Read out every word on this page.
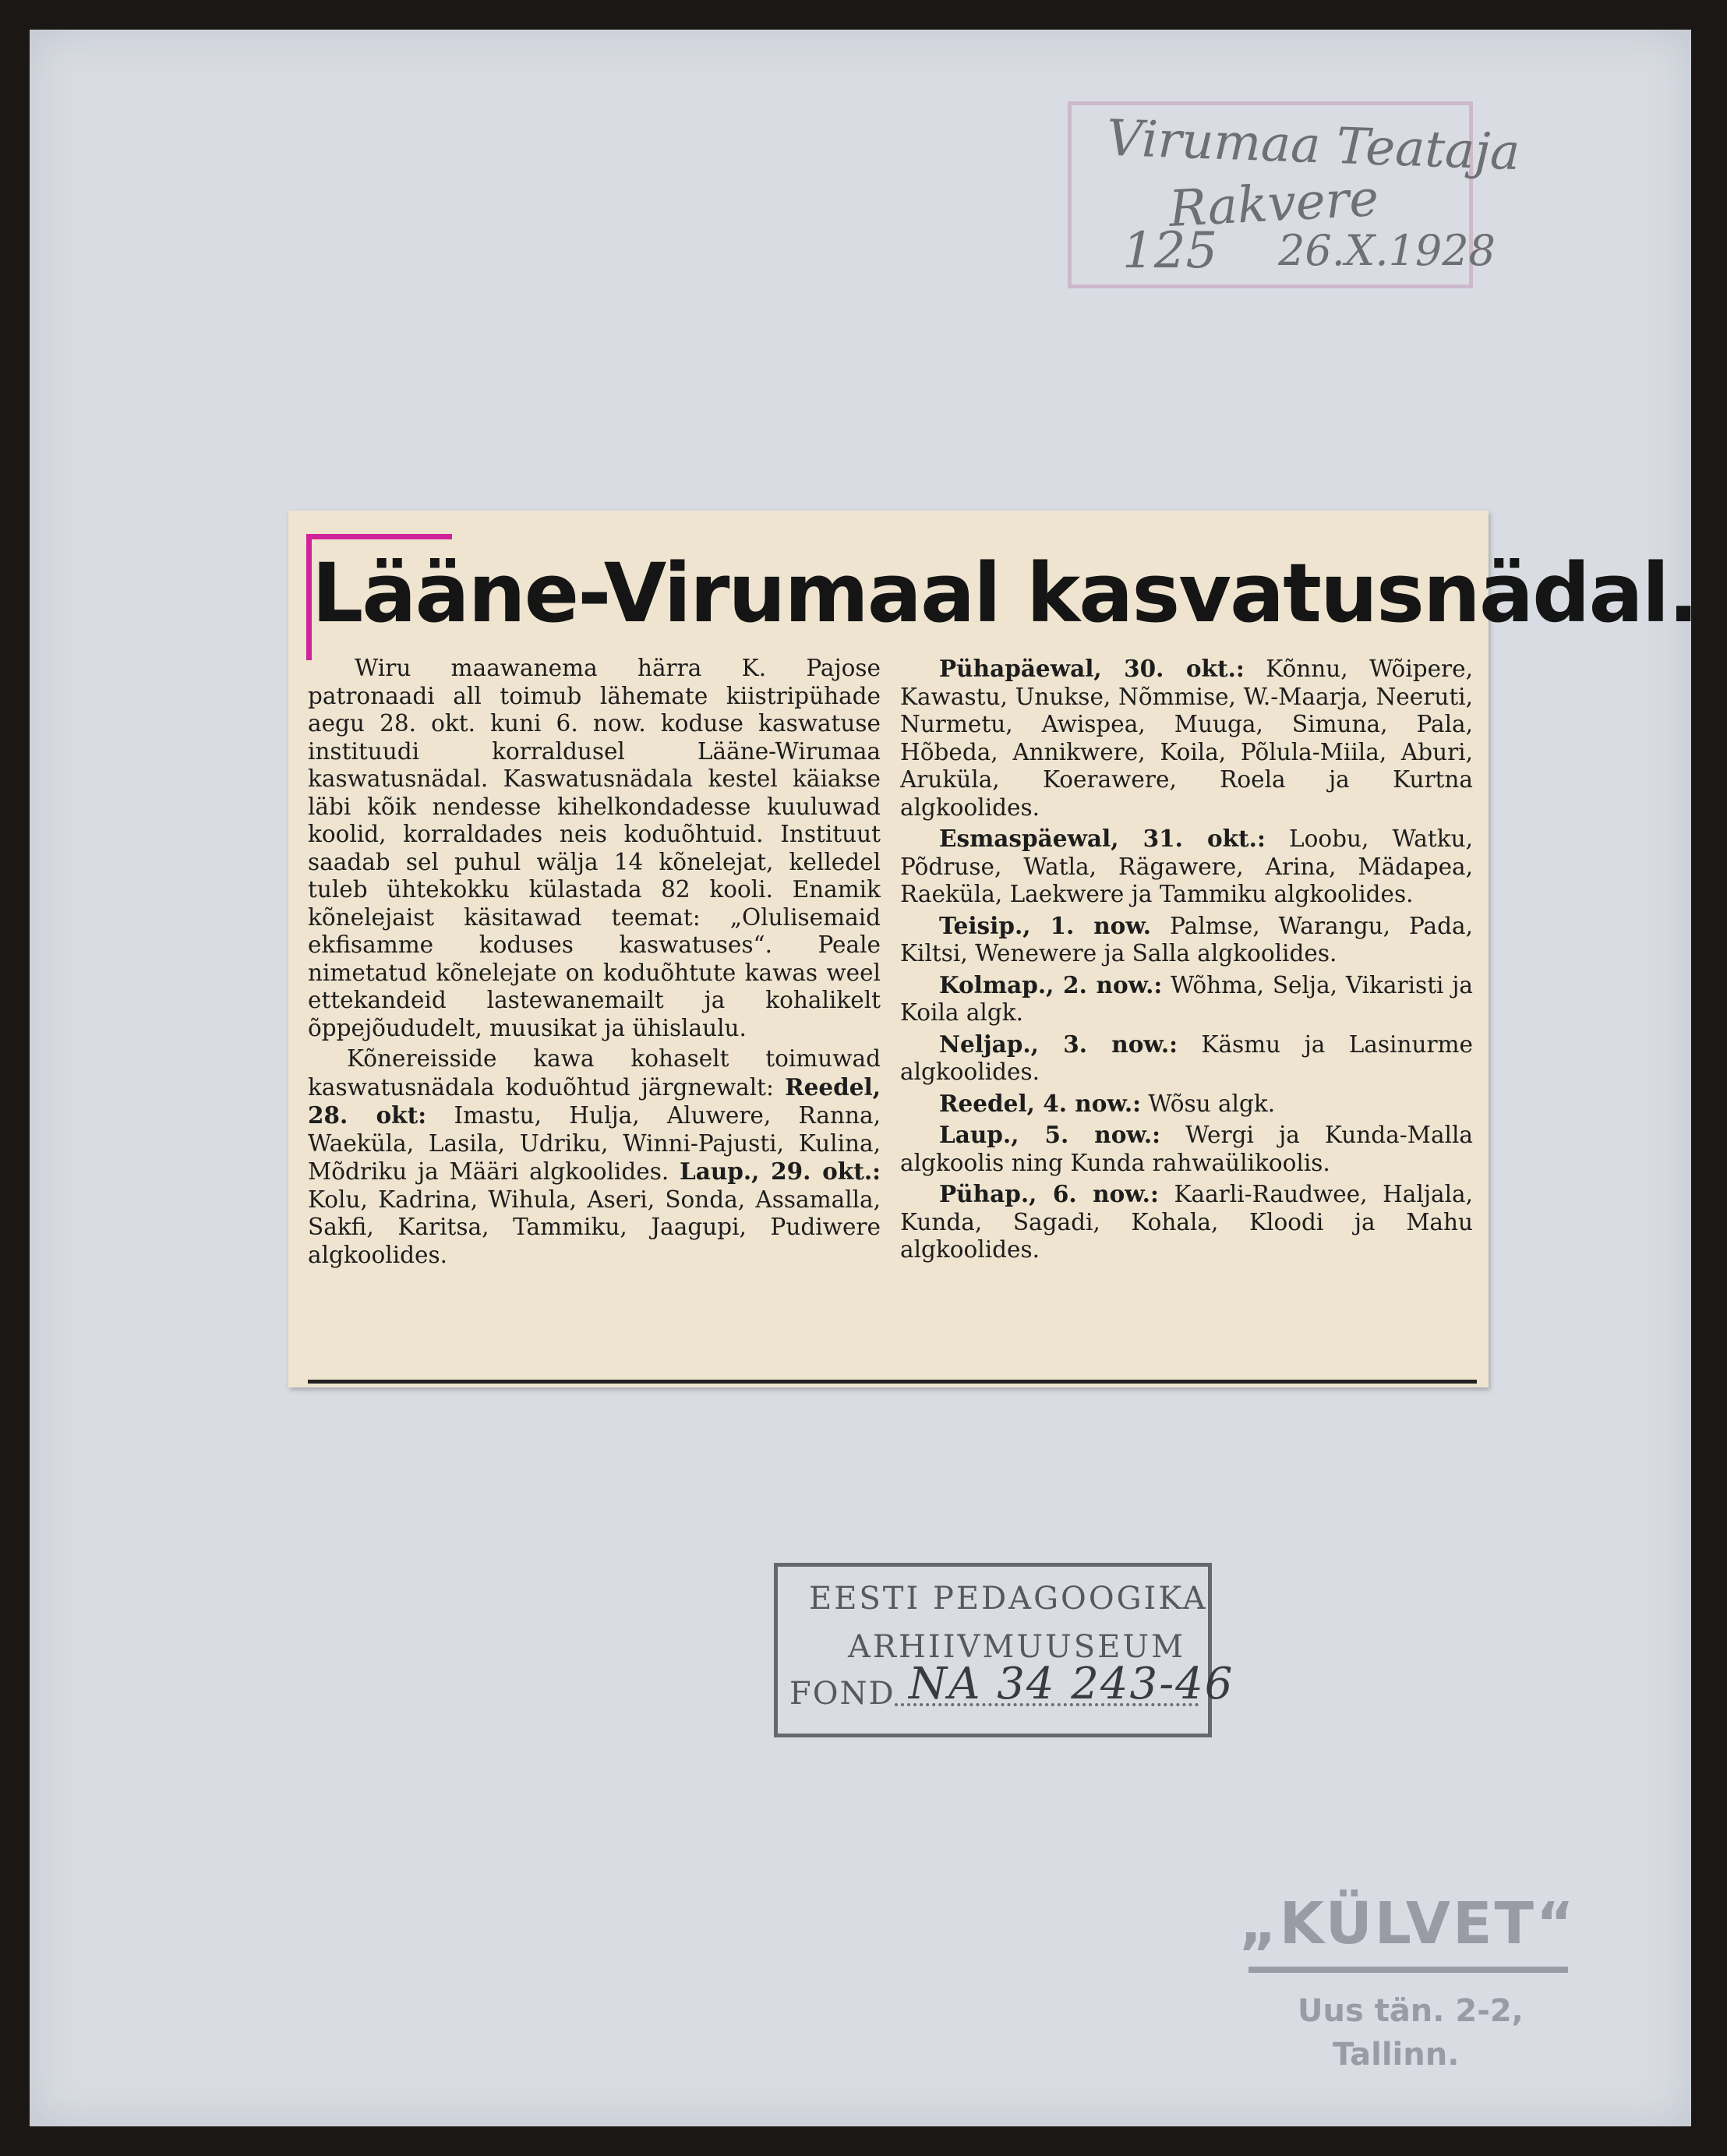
Virumaa Teataja
Rakvere
125 26.X.1928
Lääne-Virumaal kasvatusnädal.

Wiru maawanema härra K. Pajose patronaadi all toimub lähemate kiistripühade aegu 28. okt. kuni 6. now. koduse kaswatuse instituudi korraldusel Lääne-Wirumaa kaswatusnädal. Kaswatusnädala kestel käiakse läbi kõik nendesse kihelkondadesse kuuluwad koolid, korraldades neis koduõhtuid. Instituut saadab sel puhul wälja 14 kõnelejat, kelledel tuleb ühtekokku külastada 82 kooli. Enamik kõnelejaist käsitawad teemat: „Olulisemaid ekfisamme koduses kaswatuses“. Peale nimetatud kõnelejate on koduõhtute kawas weel ettekandeid lastewanemailt ja kohalikelt õppejõududelt, muusikat ja ühislaulu.

Kõnereisside kawa kohaselt toimuwad kaswatusnädala koduõhtud järgnewalt: Reedel, 28. okt: Imastu, Hulja, Aluwere, Ranna, Waeküla, Lasila, Udriku, Winni-Pajusti, Kulina, Mõdriku ja Määri algkoolides. Laup., 29. okt.: Kolu, Kadrina, Wihula, Aseri, Sonda, Assamalla, Sakfi, Karitsa, Tammiku, Jaagupi, Pudiwere algkoolides.

Pühapäewal, 30. okt.: Kõnnu, Wõipere, Kawastu, Unukse, Nõmmise, W.-Maarja, Neeruti, Nurmetu, Awispea, Muuga, Simuna, Pala, Hõbeda, Annikwere, Koila, Põlula-Miila, Aburi, Aruküla, Koerawere, Roela ja Kurtna algkoolides.

Esmaspäewal, 31. okt.: Loobu, Watku, Põdruse, Watla, Rägawere, Arina, Mädapea, Raeküla, Laekwere ja Tammiku algkoolides.

Teisip., 1. now. Palmse, Warangu, Pada, Kiltsi, Wenewere ja Salla algkoolides.

Kolmap., 2. now.: Wõhma, Selja, Vikaristi ja Koila algk.

Neljap., 3. now.: Käsmu ja Lasinurme algkoolides.

Reedel, 4. now.: Wõsu algk.

Laup., 5. now.: Wergi ja Kunda-Malla algkoolis ning Kunda rahwaülikoolis.

Pühap., 6. now.: Kaarli-Raudwee, Haljala, Kunda, Sagadi, Kohala, Kloodi ja Mahu algkoolides.

EESTI PEDAGOOGIKA
ARHIIVMUUSEUM
FOND NA 34 243-46
„KÜLVET“
Uus tän. 2-2,
Tallinn.
